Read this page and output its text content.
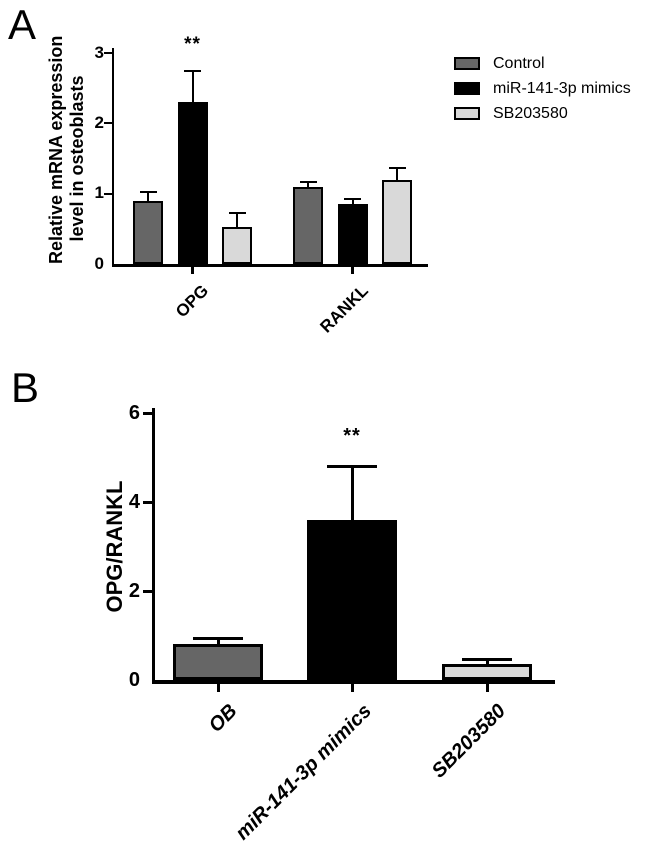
A
B
Relative mRNA expression level in osteoblasts
OPG/RANKL
0
1
2
3
OPG	RANKL
**
0
2
4
6
OB
miR-141-3p mimics	SB203580
**
Control
miR-141-3p mimics
SB203580
